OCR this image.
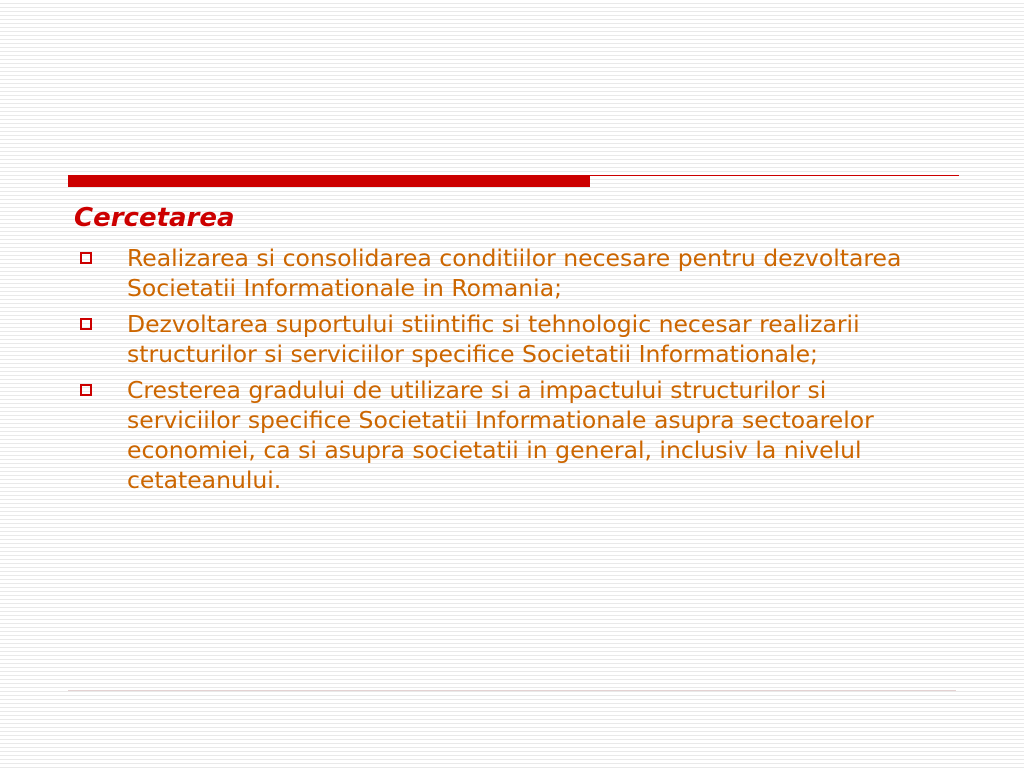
Cercetarea
Realizarea si consolidarea conditiilor necesare pentru dezvoltarea Societatii Informationale in Romania;
Dezvoltarea suportului stiintific si tehnologic necesar realizarii structurilor si serviciilor specifice Societatii Informationale;
Cresterea gradului de utilizare si a impactului structurilor si serviciilor specifice Societatii Informationale asupra sectoarelor economiei, ca si asupra societatii in general, inclusiv la nivelul cetateanului.
